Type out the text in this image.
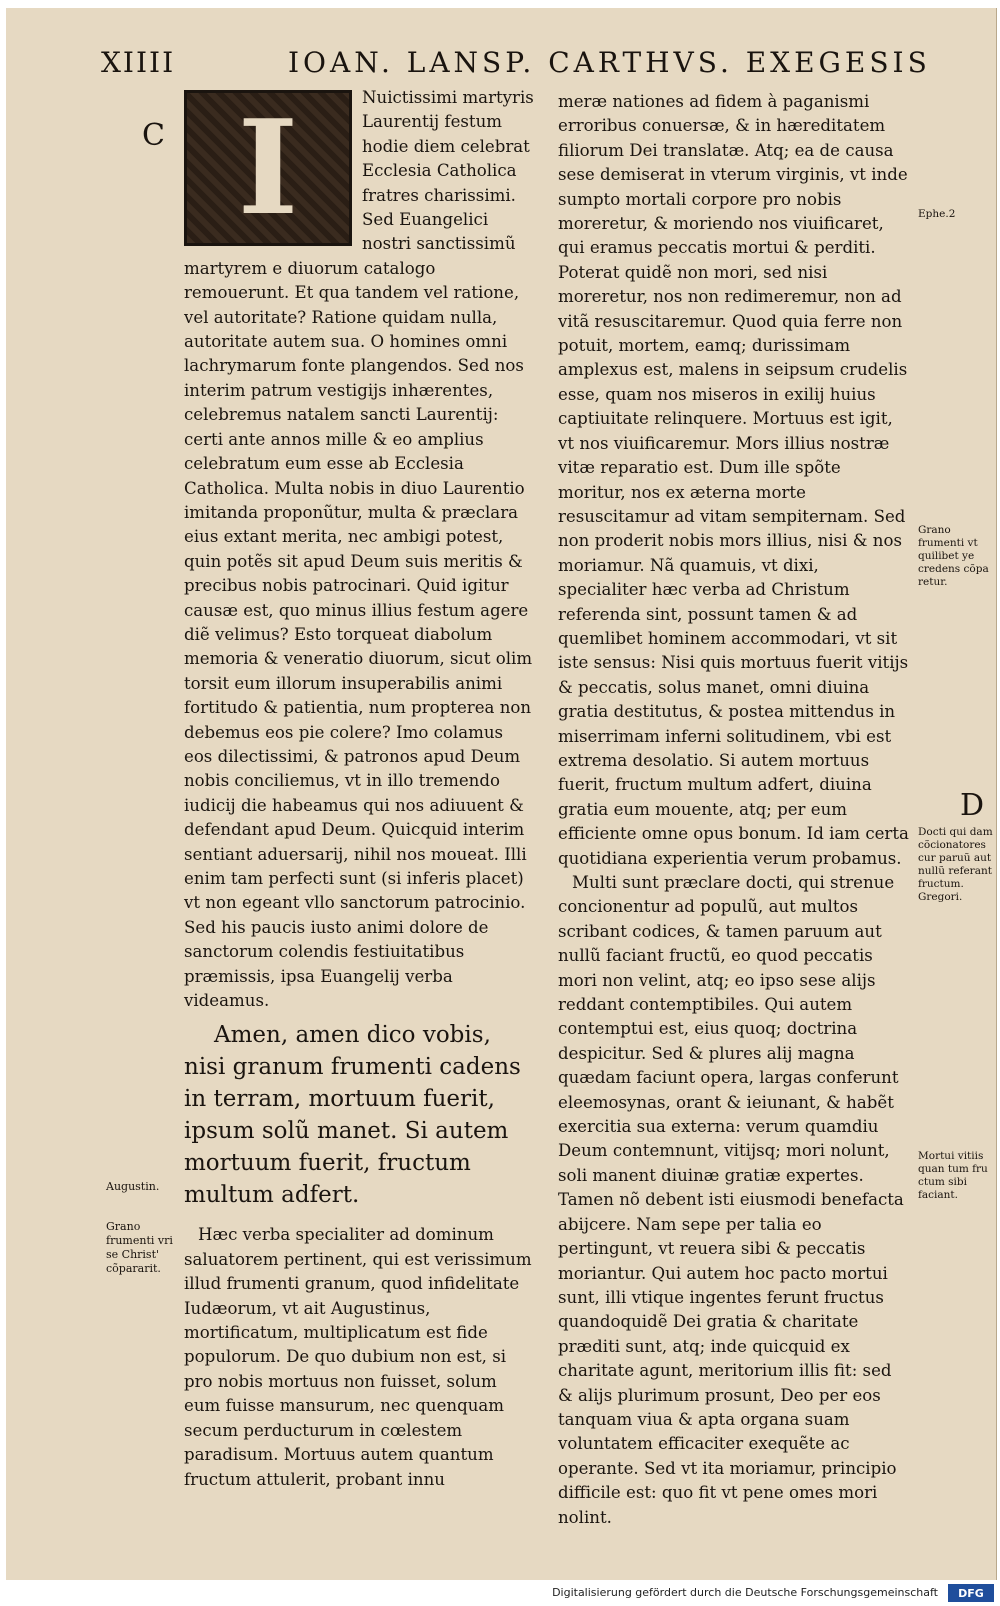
XIIII	IOAN. LANSP. CARTHVS. EXEGESIS
C
D
I	Nuictissimi martyris Laurentij festum hodie diem celebrat Ecclesia Catholica fratres charissimi. Sed Euangelici nostri sanctissimũ martyrem e diuorum catalogo remouerunt. Et qua tandem vel ratione, vel autoritate? Ratione quidam nulla, autoritate autem sua. O homines omni lachrymarum fonte plangendos. Sed nos interim patrum vestigijs inhærentes, celebremus natalem sancti Laurentij: certi ante annos mille & eo amplius celebratum eum esse ab Ecclesia Catholica. Multa nobis in diuo Laurentio imitanda proponũtur, multa & præclara eius extant merita, nec ambigi potest, quin potẽs sit apud Deum suis meritis & precibus nobis patrocinari. Quid igitur causæ est, quo minus illius festum agere diẽ velimus? Esto torqueat diabolum memoria & veneratio diuorum, sicut olim torsit eum illorum insuperabilis animi fortitudo & patientia, num propterea non debemus eos pie colere? Imo colamus eos dilectissimi, & patronos apud Deum nobis conciliemus, vt in illo tremendo iudicij die habeamus qui nos adiuuent & defendant apud Deum. Quicquid interim sentiant aduersarij, nihil nos moueat. Illi enim tam perfecti sunt (si inferis placet) vt non egeant vllo sanctorum patrocinio. Sed his paucis iusto animi dolore de sanctorum colendis festiuitatibus præmissis, ipsa Euangelij verba videamus.

Amen, amen dico vobis, nisi granum frumenti cadens in terram, mortuum fuerit, ipsum solũ manet. Si autem mortuum fuerit, fructum multum adfert.

Hæc verba specialiter ad dominum saluatorem pertinent, qui est verissimum illud frumenti granum, quod infidelitate Iudæorum, vt ait Augustinus, mortificatum, multiplicatum est fide populorum. De quo dubium non est, si pro nobis mortuus non fuisset, solum eum fuisse mansurum, nec quenquam secum perducturum in cœlestem paradisum. Mortuus autem quantum fructum attulerit, probant innu

meræ nationes ad fidem à paganismi erroribus conuersæ, & in hæreditatem filiorum Dei translatæ. Atq; ea de causa sese demiserat in vterum virginis, vt inde sumpto mortali corpore pro nobis moreretur, & moriendo nos viuificaret, qui eramus peccatis mortui & perditi. Poterat quidẽ non mori, sed nisi moreretur, nos non redimeremur, non ad vitã resuscitaremur. Quod quia ferre non potuit, mortem, eamq; durissimam amplexus est, malens in seipsum crudelis esse, quam nos miseros in exilij huius captiuitate relinquere. Mortuus est igit, vt nos viuificaremur. Mors illius nostræ vitæ reparatio est. Dum ille spõte moritur, nos ex æterna morte resuscitamur ad vitam sempiternam. Sed non proderit nobis mors illius, nisi & nos moriamur. Nã quamuis, vt dixi, specialiter hæc verba ad Christum referenda sint, possunt tamen & ad quemlibet hominem accommodari, vt sit iste sensus: Nisi quis mortuus fuerit vitijs & peccatis, solus manet, omni diuina gratia destitutus, & postea mittendus in miserrimam inferni solitudinem, vbi est extrema desolatio. Si autem mortuus fuerit, fructum multum adfert, diuina gratia eum mouente, atq; per eum efficiente omne opus bonum. Id iam certa quotidiana experientia verum probamus.

Multi sunt præclare docti, qui strenue concionentur ad populũ, aut multos scribant codices, & tamen paruum aut nullũ faciant fructũ, eo quod peccatis mori non velint, atq; eo ipso sese alijs reddant contemptibiles. Qui autem contemptui est, eius quoq; doctrina despicitur. Sed & plures alij magna quædam faciunt opera, largas conferunt eleemosynas, orant & ieiunant, & habẽt exercitia sua externa: verum quamdiu Deum contemnunt, vitijsq; mori nolunt, soli manent diuinæ gratiæ expertes. Tamen nõ debent isti eiusmodi benefacta abijcere. Nam sepe per talia eo pertingunt, vt reuera sibi & peccatis moriantur. Qui autem hoc pacto mortui sunt, illi vtique ingentes ferunt fructus quandoquidẽ Dei gratia & charitate præditi sunt, atq; inde quicquid ex charitate agunt, meritorium illis fit: sed & alijs plurimum prosunt, Deo per eos tanquam viua & apta organa suam voluntatem efficaciter exequẽte ac operante. Sed vt ita moriamur, principio difficile est: quo fit vt pene omes mori nolint.

Ephe.2
Grano frumenti vt quilibet ye credens cõpa retur.
Docti qui dam cõcionatores cur paruũ aut nullũ referant fructum. Gregori.
Mortui vitiis quan tum fru ctum sibi faciant.
Augustin.
Grano frumenti vri se Christ' cõpararit.
Digitalisierung gefördert durch die Deutsche Forschungsgemeinschaft	DFG
